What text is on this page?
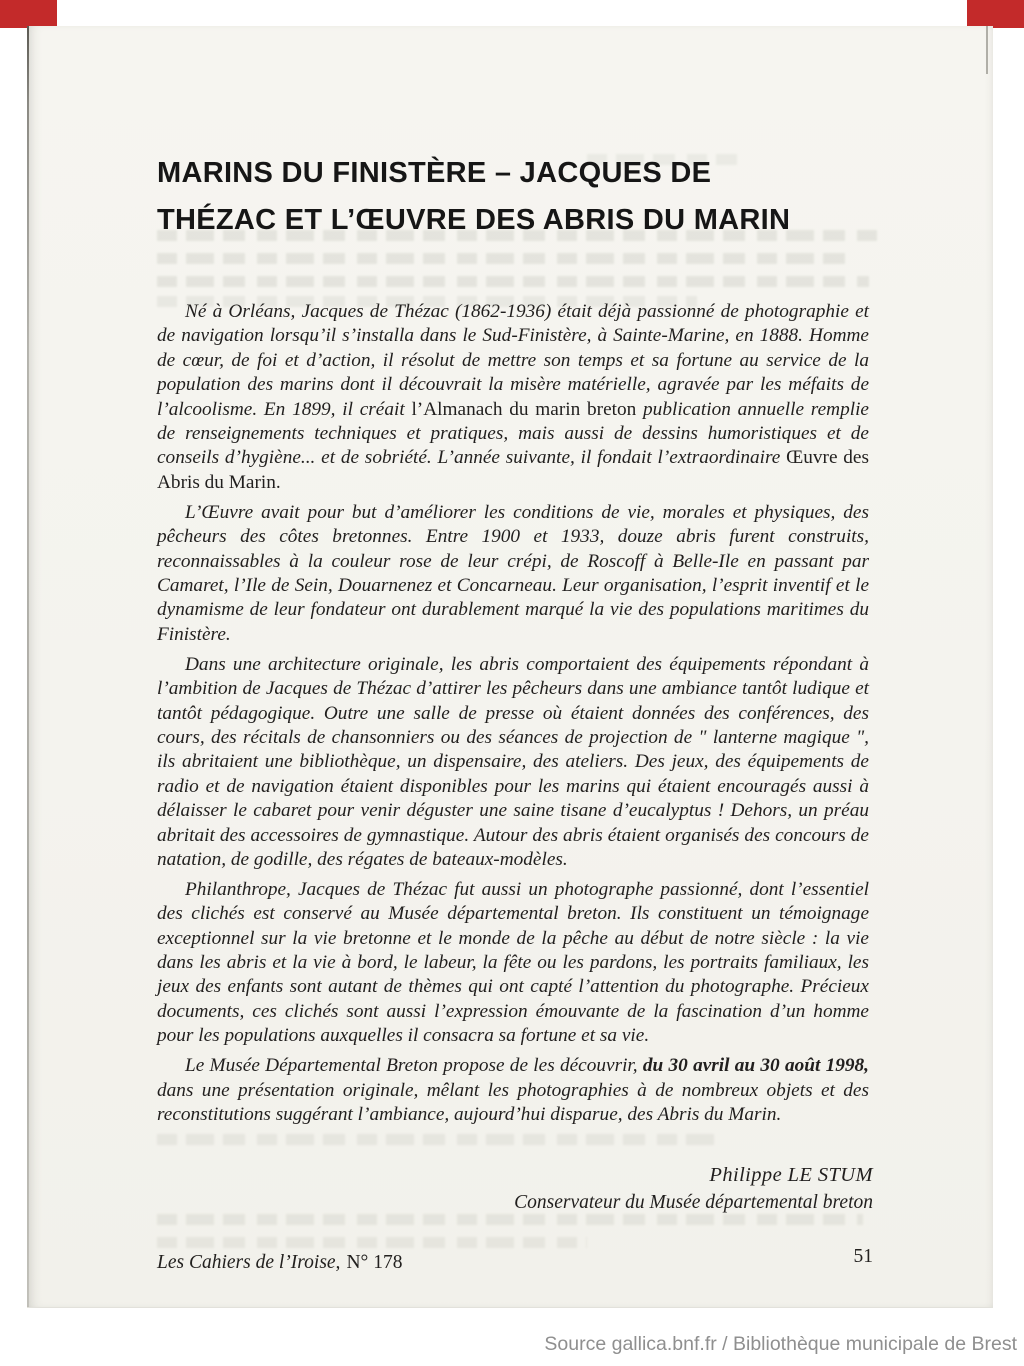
MARINS DU FINISTÈRE – JACQUES DE
THÉZAC ET L’ŒUVRE DES ABRIS DU MARIN

Né à Orléans, Jacques de Thézac (1862-1936) était déjà passionné de photographie et de navigation lorsqu’il s’installa dans le Sud-Finistère, à Sainte-Marine, en 1888. Homme de cœur, de foi et d’action, il résolut de mettre son temps et sa fortune au service de la population des marins dont il découvrait la misère matérielle, agravée par les méfaits de l’alcoolisme. En 1899, il créait l’Almanach du marin breton publication annuelle remplie de renseignements techniques et pratiques, mais aussi de dessins humoristiques et de conseils d’hygiène... et de sobriété. L’année suivante, il fondait l’extraordinaire Œuvre des Abris du Marin.

L’Œuvre avait pour but d’améliorer les conditions de vie, morales et physiques, des pêcheurs des côtes bretonnes. Entre 1900 et 1933, douze abris furent construits, reconnaissables à la couleur rose de leur crépi, de Roscoff à Belle-Ile en passant par Camaret, l’Ile de Sein, Douarnenez et Concarneau. Leur organisation, l’esprit inventif et le dynamisme de leur fondateur ont durablement marqué la vie des populations maritimes du Finistère.

Dans une architecture originale, les abris comportaient des équipements répondant à l’ambition de Jacques de Thézac d’attirer les pêcheurs dans une ambiance tantôt ludique et tantôt pédagogique. Outre une salle de presse où étaient données des conférences, des cours, des récitals de chansonniers ou des séances de projection de " lanterne magique ", ils abritaient une bibliothèque, un dispensaire, des ateliers. Des jeux, des équipements de radio et de navigation étaient disponibles pour les marins qui étaient encouragés aussi à délaisser le cabaret pour venir déguster une saine tisane d’eucalyptus ! Dehors, un préau abritait des accessoires de gymnastique. Autour des abris étaient organisés des concours de natation, de godille, des régates de bateaux-modèles.

Philanthrope, Jacques de Thézac fut aussi un photographe passionné, dont l’essentiel des clichés est conservé au Musée départemental breton. Ils constituent un témoignage exceptionnel sur la vie bretonne et le monde de la pêche au début de notre siècle : la vie dans les abris et la vie à bord, le labeur, la fête ou les pardons, les portraits familiaux, les jeux des enfants sont autant de thèmes qui ont capté l’attention du photographe. Précieux documents, ces clichés sont aussi l’expression émouvante de la fascination d’un homme pour les populations auxquelles il consacra sa fortune et sa vie.

Le Musée Départemental Breton propose de les découvrir, du 30 avril au 30 août 1998, dans une présentation originale, mêlant les photographies à de nombreux objets et des reconstitutions suggérant l’ambiance, aujourd’hui disparue, des Abris du Marin.

Philippe LE STUM
Conservateur du Musée départemental breton
Les Cahiers de l’Iroise, N° 178	51
Source gallica.bnf.fr / Bibliothèque municipale de Brest
